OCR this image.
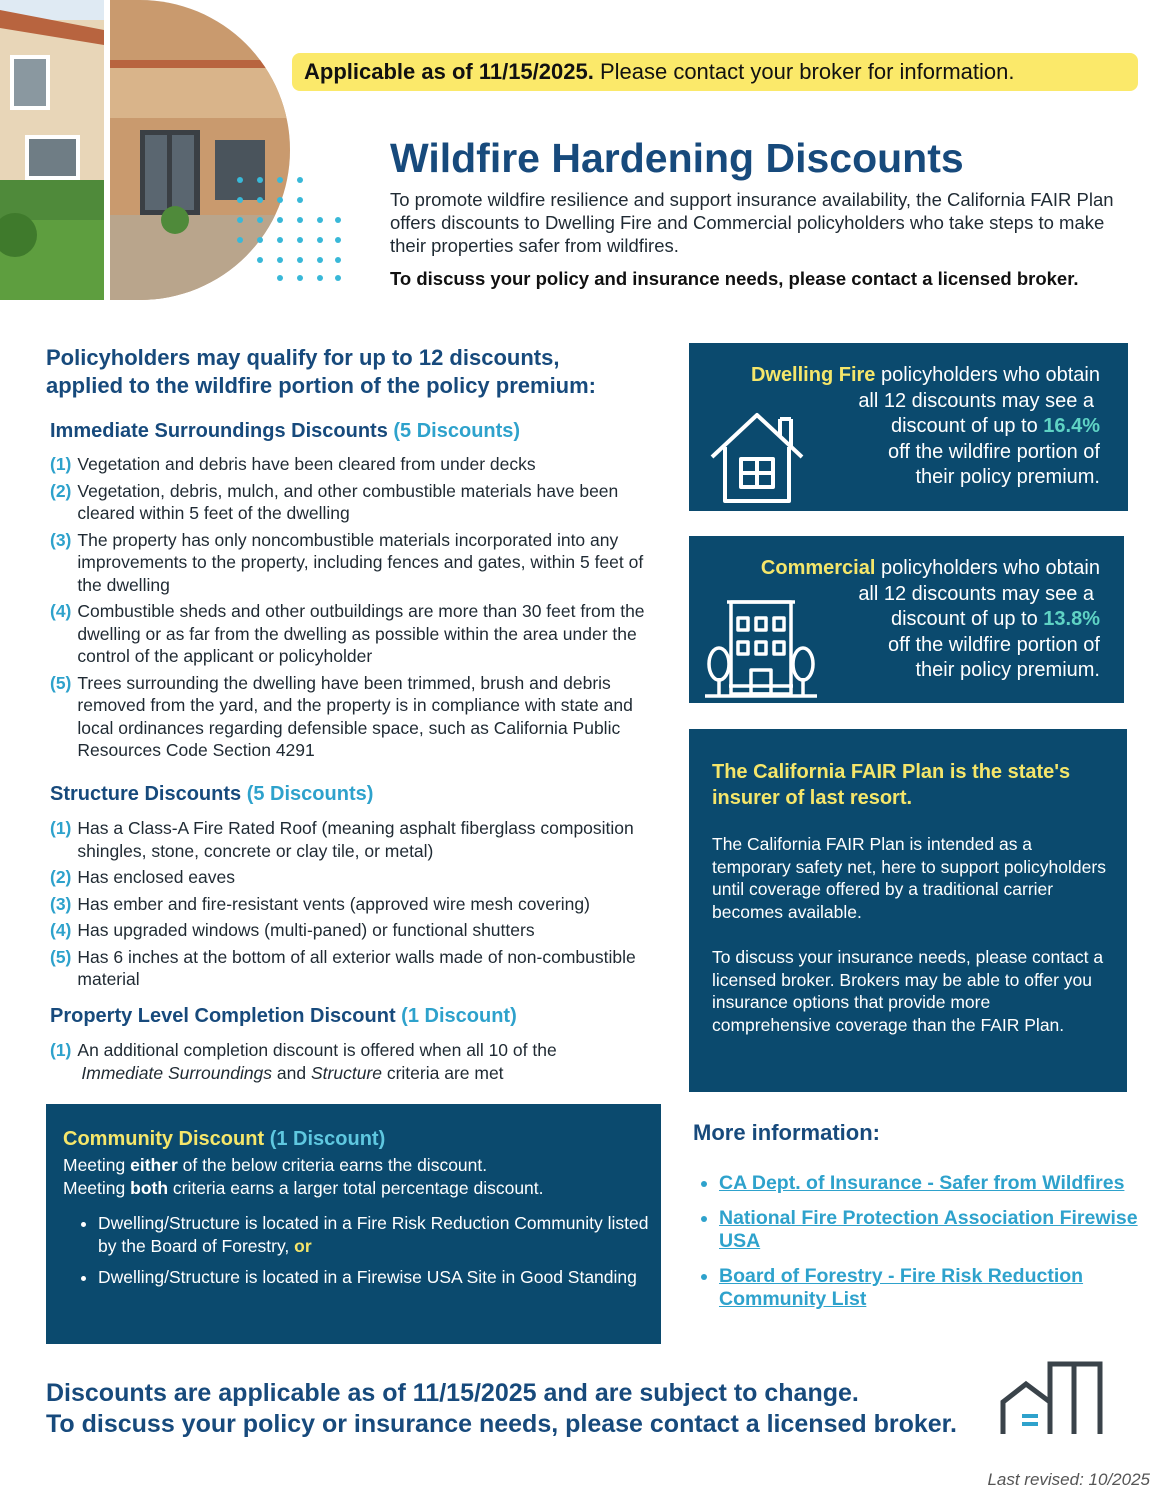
Applicable as of 11/15/2025. Please contact your broker for information.
Wildfire Hardening Discounts
To promote wildfire resilience and support insurance availability, the California FAIR Plan offers discounts to Dwelling Fire and Commercial policyholders who take steps to make their properties safer from wildfires.
To discuss your policy and insurance needs, please contact a licensed broker.
Policyholders may qualify for up to 12 discounts,
applied to the wildfire portion of the policy premium:
Immediate Surroundings Discounts (5 Discounts)
(1) Vegetation and debris have been cleared from under decks
(2) Vegetation, debris, mulch, and other combustible materials have been cleared within 5 feet of the dwelling
(3) The property has only noncombustible materials incorporated into any improvements to the property, including fences and gates, within 5 feet of the dwelling
(4) Combustible sheds and other outbuildings are more than 30 feet from the dwelling or as far from the dwelling as possible within the area under the control of the applicant or policyholder
(5) Trees surrounding the dwelling have been trimmed, brush and debris removed from the yard, and the property is in compliance with state and local ordinances regarding defensible space, such as California Public Resources Code Section 4291
Structure Discounts (5 Discounts)
(1) Has a Class-A Fire Rated Roof (meaning asphalt fiberglass composition shingles, stone, concrete or clay tile, or metal)
(2) Has enclosed eaves
(3) Has ember and fire-resistant vents (approved wire mesh covering)
(4) Has upgraded windows (multi-paned) or functional shutters
(5) Has 6 inches at the bottom of all exterior walls made of non-combustible material
Property Level Completion Discount (1 Discount)
(1) An additional completion discount is offered when all 10 of the
Immediate Surroundings and Structure criteria are met
Community Discount (1 Discount)
Meeting either of the below criteria earns the discount.
Meeting both criteria earns a larger total percentage discount.
• Dwelling/Structure is located in a Fire Risk Reduction Community listed by the Board of Forestry, or
• Dwelling/Structure is located in a Firewise USA Site in Good Standing
Dwelling Fire policyholders who obtain
all 12 discounts may see a
discount of up to 16.4%
off the wildfire portion of
their policy premium.
Commercial policyholders who obtain
all 12 discounts may see a
discount of up to 13.8%
off the wildfire portion of
their policy premium.
The California FAIR Plan is the state's insurer of last resort.
The California FAIR Plan is intended as a temporary safety net, here to support policyholders until coverage offered by a traditional carrier becomes available.
To discuss your insurance needs, please contact a licensed broker. Brokers may be able to offer you insurance options that provide more comprehensive coverage than the FAIR Plan.
More information:
• CA Dept. of Insurance - Safer from Wildfires
• National Fire Protection Association Firewise USA
• Board of Forestry - Fire Risk Reduction Community List
Discounts are applicable as of 11/15/2025 and are subject to change.
To discuss your policy or insurance needs, please contact a licensed broker.
Last revised: 10/2025
